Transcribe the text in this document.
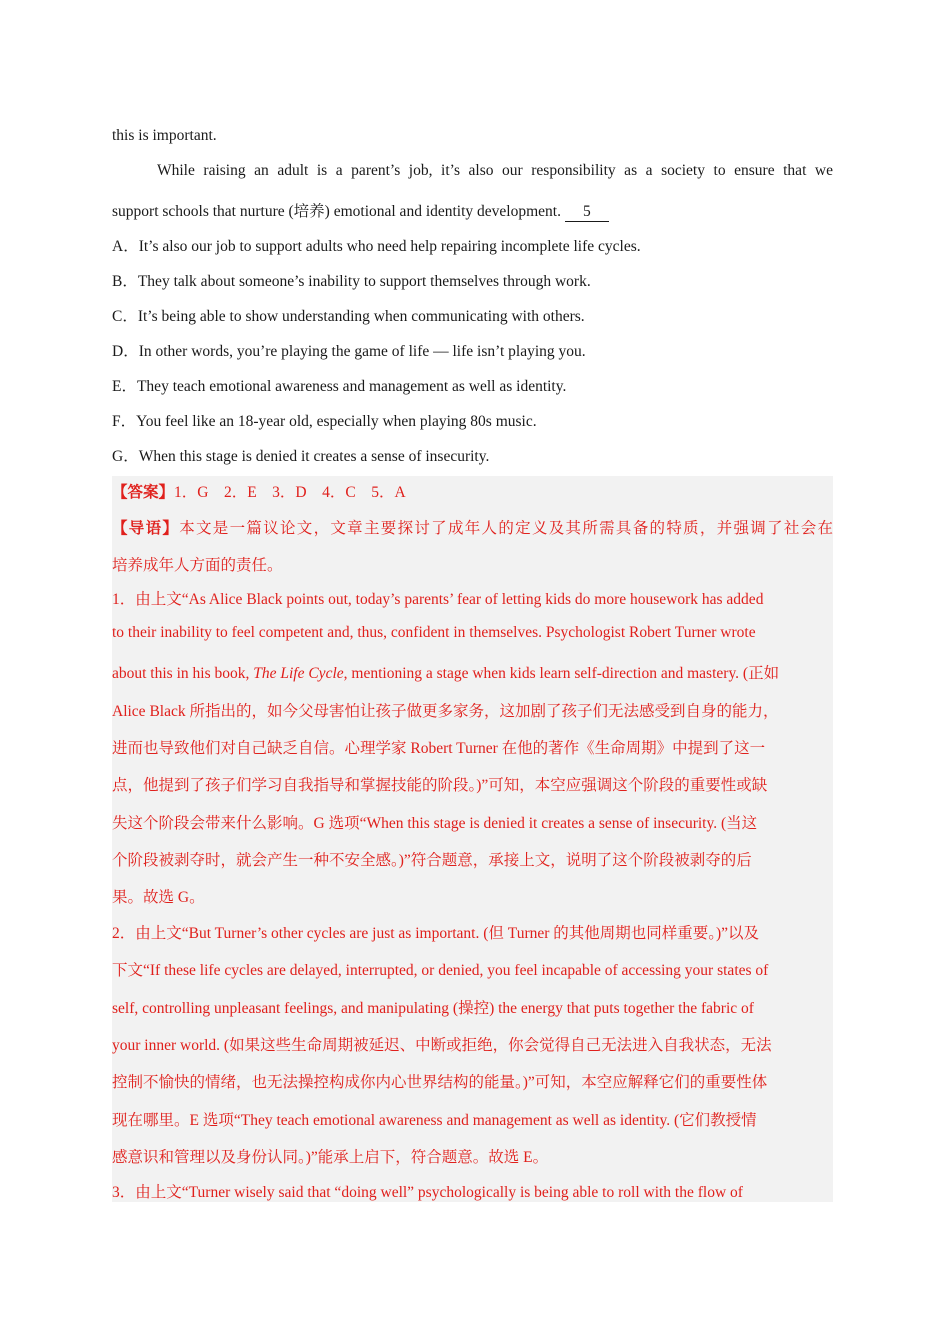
this is important.
While raising an adult is a parent’s job, it’s also our responsibility as a society to ensure that we
support schools that nurture (培养) emotional and identity development. 5
A．It’s also our job to support adults who need help repairing incomplete life cycles.
B．They talk about someone’s inability to support themselves through work.
C．It’s being able to show understanding when communicating with others.
D．In other words, you’re playing the game of life — life isn’t playing you.
E．They teach emotional awareness and management as well as identity.
F．You feel like an 18-year old, especially when playing 80s music.
G．When this stage is denied it creates a sense of insecurity.
【答案】1．G　2．E　3．D　4．C　5．A
【导语】本文是一篇议论文，文章主要探讨了成年人的定义及其所需具备的特质，并强调了社会在
培养成年人方面的责任。
1．由上文“As Alice Black points out, today’s parents’ fear of letting kids do more housework has added
to their inability to feel competent and, thus, confident in themselves. Psychologist Robert Turner wrote
about this in his book, The Life Cycle, mentioning a stage when kids learn self-direction and mastery. (正如
Alice Black 所指出的，如今父母害怕让孩子做更多家务，这加剧了孩子们无法感受到自身的能力，
进而也导致他们对自己缺乏自信。心理学家 Robert Turner 在他的著作《生命周期》中提到了这一
点，他提到了孩子们学习自我指导和掌握技能的阶段。)”可知，本空应强调这个阶段的重要性或缺
失这个阶段会带来什么影响。G 选项“When this stage is denied it creates a sense of insecurity. (当这
个阶段被剥夺时，就会产生一种不安全感。)”符合题意，承接上文，说明了这个阶段被剥夺的后
果。故选 G。
2．由上文“But Turner’s other cycles are just as important. (但 Turner 的其他周期也同样重要。)”以及
下文“If these life cycles are delayed, interrupted, or denied, you feel incapable of accessing your states of
self, controlling unpleasant feelings, and manipulating (操控) the energy that puts together the fabric of
your inner world. (如果这些生命周期被延迟、中断或拒绝，你会觉得自己无法进入自我状态，无法
控制不愉快的情绪，也无法操控构成你内心世界结构的能量。)”可知，本空应解释它们的重要性体
现在哪里。E 选项“They teach emotional awareness and management as well as identity. (它们教授情
感意识和管理以及身份认同。)”能承上启下，符合题意。故选 E。
3．由上文“Turner wisely said that “doing well” psychologically is being able to roll with the flow of
